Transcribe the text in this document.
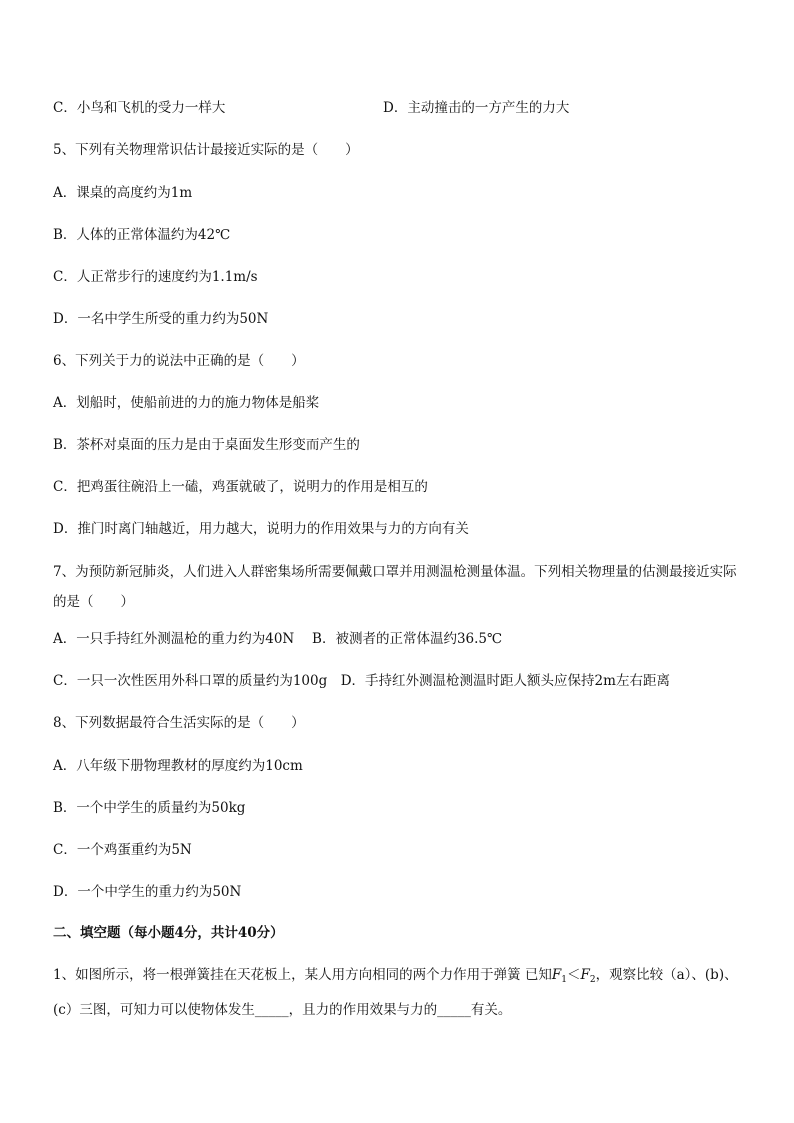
C．小鸟和飞机的受力一样大	D．主动撞击的一方产生的力大
5、下列有关物理常识估计最接近实际的是（　　）
A．课桌的高度约为1m
B．人体的正常体温约为42℃
C．人正常步行的速度约为1.1m/s
D．一名中学生所受的重力约为50N
6、下列关于力的说法中正确的是（　　）
A．划船时，使船前进的力的施力物体是船桨
B．茶杯对桌面的压力是由于桌面发生形变而产生的
C．把鸡蛋往碗沿上一磕，鸡蛋就破了，说明力的作用是相互的
D．推门时离门轴越近，用力越大，说明力的作用效果与力的方向有关
7、为预防新冠肺炎，人们进入人群密集场所需要佩戴口罩并用测温枪测量体温。下列相关物理量的估测最接近实际的是（　　）
A．一只手持红外测温枪的重力约为40N　 B．被测者的正常体温约36.5℃
C．一只一次性医用外科口罩的质量约为100g　D．手持红外测温枪测温时距人额头应保持2m左右距离
8、下列数据最符合生活实际的是（　　）
A．八年级下册物理教材的厚度约为10cm
B．一个中学生的质量约为50kg
C．一个鸡蛋重约为5N
D．一个中学生的重力约为50N
二、填空题（每小题4分，共计40分）
1、如图所示，将一根弹簧挂在天花板上，某人用方向相同的两个力作用于弹簧 已知$F_1<F_2$，观察比较（a）、(b)、(c）三图，可知力可以使物体发生_____，且力的作用效果与力的_____有关。
